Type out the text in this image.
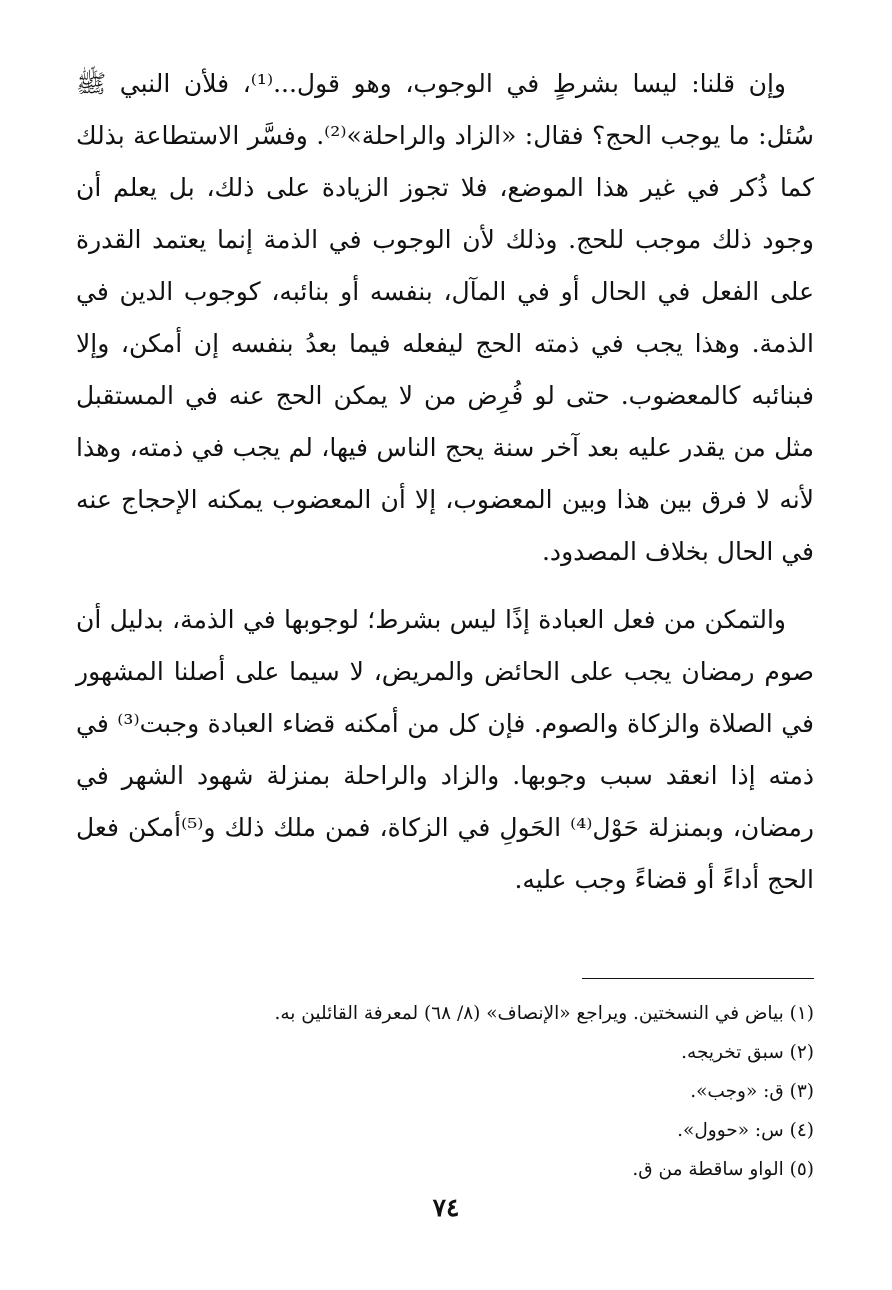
وإن قلنا: ليسا بشرطٍ في الوجوب، وهو قول...⁽¹⁾، فلأن النبي ﷺ سُئل: ما يوجب الحج؟ فقال: «الزاد والراحلة»⁽²⁾. وفسَّر الاستطاعة بذلك كما ذُكر في غير هذا الموضع، فلا تجوز الزيادة على ذلك، بل يعلم أن وجود ذلك موجب للحج. وذلك لأن الوجوب في الذمة إنما يعتمد القدرة على الفعل في الحال أو في المآل، بنفسه أو بنائبه، كوجوب الدين في الذمة. وهذا يجب في ذمته الحج ليفعله فيما بعدُ بنفسه إن أمكن، وإلا فبنائبه كالمعضوب. حتى لو فُرِض من لا يمكن الحج عنه في المستقبل مثل من يقدر عليه بعد آخر سنة يحج الناس فيها، لم يجب في ذمته، وهذا لأنه لا فرق بين هذا وبين المعضوب، إلا أن المعضوب يمكنه الإحجاج عنه في الحال بخلاف المصدود.

والتمكن من فعل العبادة إذًا ليس بشرط؛ لوجوبها في الذمة، بدليل أن صوم رمضان يجب على الحائض والمريض، لا سيما على أصلنا المشهور في الصلاة والزكاة والصوم. فإن كل من أمكنه قضاء العبادة وجبت⁽³⁾ في ذمته إذا انعقد سبب وجوبها. والزاد والراحلة بمنزلة شهود الشهر في رمضان، وبمنزلة حَوْل⁽⁴⁾ الحَولِ في الزكاة، فمن ملك ذلك و⁽⁵⁾أمكن فعل الحج أداءً أو قضاءً وجب عليه.

(١) بياض في النسختين. ويراجع «الإنصاف» (٨/ ٦٨) لمعرفة القائلين به.

(٢) سبق تخريجه.

(٣) ق: «وجب».

(٤) س: «حوول».

(٥) الواو ساقطة من ق.

٧٤
